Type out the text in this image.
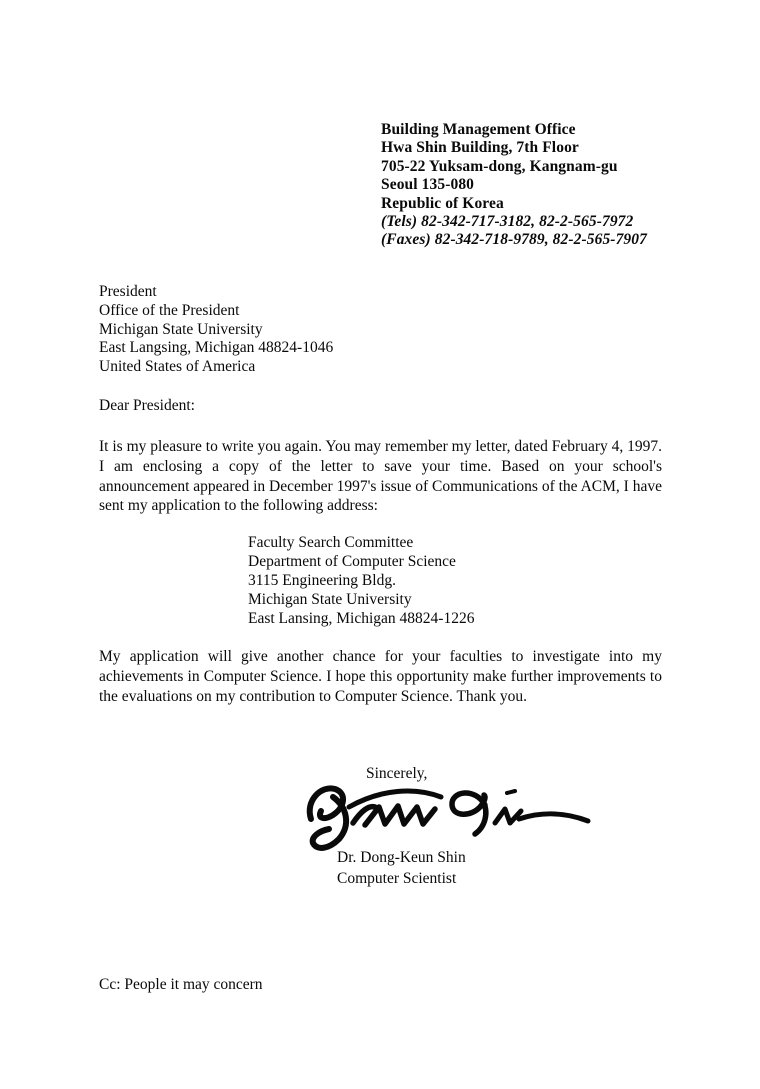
Building Management Office
Hwa Shin Building, 7th Floor
705-22 Yuksam-dong, Kangnam-gu
Seoul 135-080
Republic of Korea
(Tels) 82-342-717-3182, 82-2-565-7972
(Faxes) 82-342-718-9789, 82-2-565-7907
President
Office of the President
Michigan State University
East Langsing, Michigan 48824-1046
United States of America
Dear President:
It is my pleasure to write you again. You may remember my letter, dated February 4, 1997. I am enclosing a copy of the letter to save your time. Based on your school's announcement appeared in December 1997's issue of Communications of the ACM, I have sent my application to the following address:
Faculty Search Committee
Department of Computer Science
3115 Engineering Bldg.
Michigan State University
East Lansing, Michigan 48824-1226
My application will give another chance for your faculties to investigate into my achievements in Computer Science. I hope this opportunity make further improvements to the evaluations on my contribution to Computer Science. Thank you.
Sincerely,
Dr. Dong-Keun Shin
Computer Scientist
Cc: People it may concern
